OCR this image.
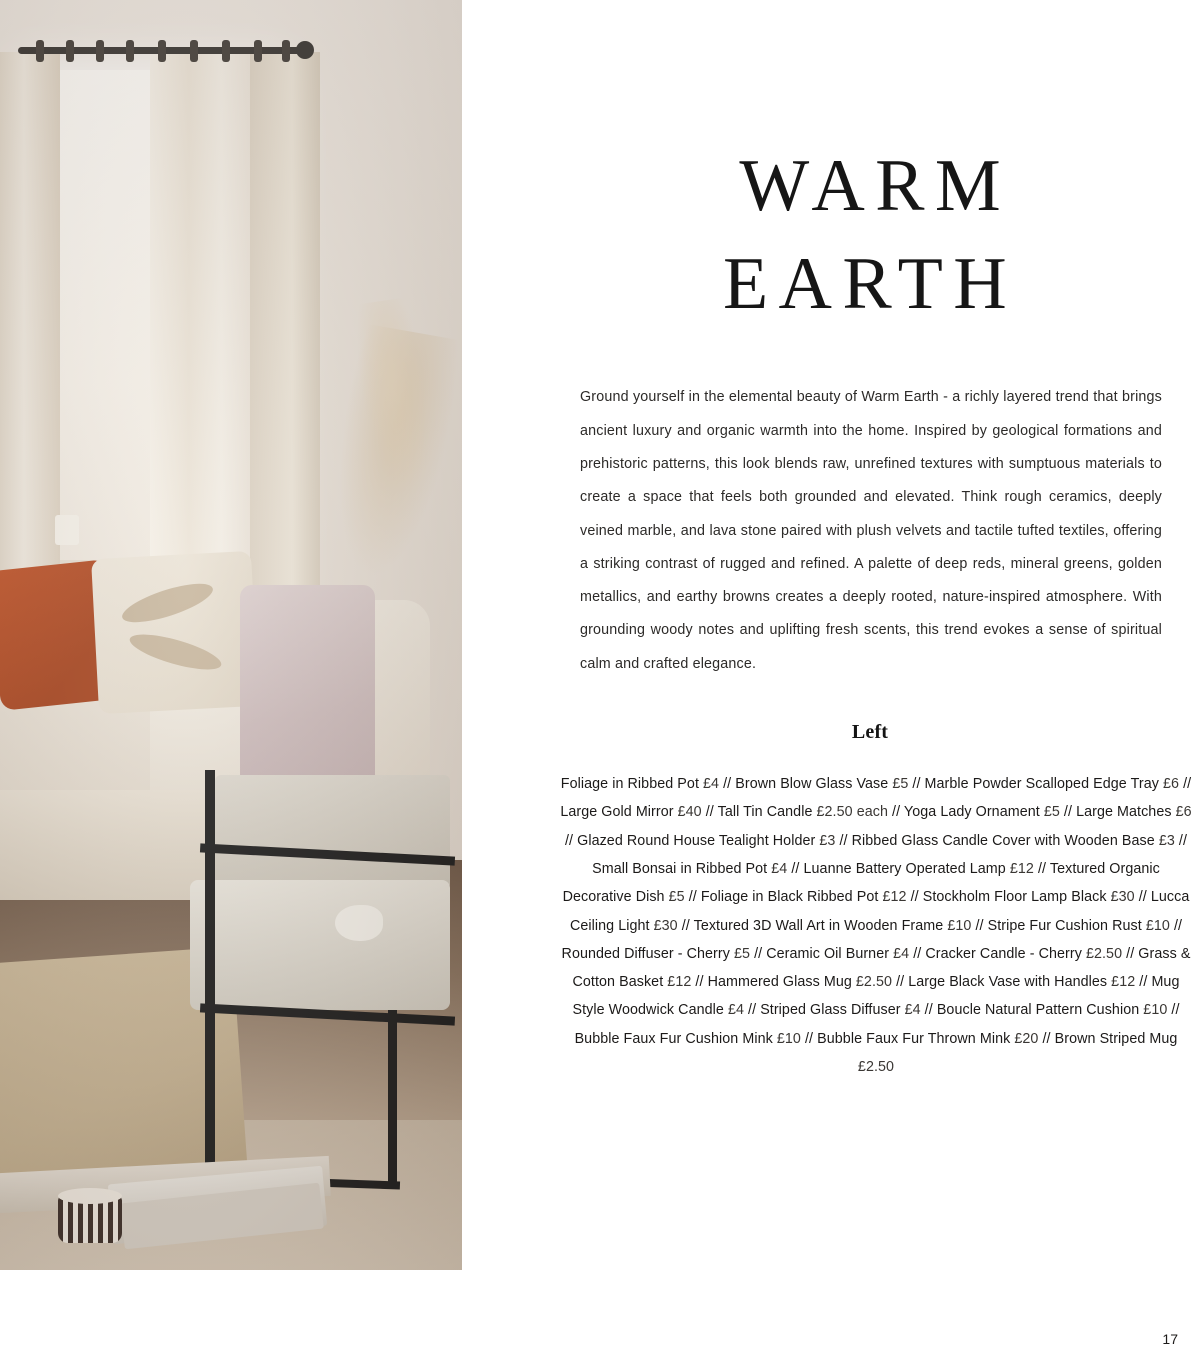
WARM
EARTH

Ground yourself in the elemental beauty of Warm Earth - a richly layered trend that brings ancient luxury and organic warmth into the home. Inspired by geological formations and prehistoric patterns, this look blends raw, unrefined textures with sumptuous materials to create a space that feels both grounded and elevated. Think rough ceramics, deeply veined marble, and lava stone paired with plush velvets and tactile tufted textiles, offering a striking contrast of rugged and refined. A palette of deep reds, mineral greens, golden metallics, and earthy browns creates a deeply rooted, nature-inspired atmosphere. With grounding woody notes and uplifting fresh scents, this trend evokes a sense of spiritual calm and crafted elegance.

Left

Foliage in Ribbed Pot £4 // Brown Blow Glass Vase £5 // Marble Powder Scalloped Edge Tray £6 // Large Gold Mirror £40 // Tall Tin Candle £2.50 each // Yoga Lady Ornament £5 // Large Matches £6 // Glazed Round House Tealight Holder £3 // Ribbed Glass Candle Cover with Wooden Base £3 // Small Bonsai in Ribbed Pot £4 // Luanne Battery Operated Lamp £12 // Textured Organic Decorative Dish £5 // Foliage in Black Ribbed Pot £12 // Stockholm Floor Lamp Black £30 // Lucca Ceiling Light £30 // Textured 3D Wall Art in Wooden Frame £10 // Stripe Fur Cushion Rust £10 // Rounded Diffuser - Cherry £5 // Ceramic Oil Burner £4 // Cracker Candle - Cherry £2.50 // Grass & Cotton Basket £12 // Hammered Glass Mug £2.50 // Large Black Vase with Handles £12 // Mug Style Woodwick Candle £4 // Striped Glass Diffuser £4 // Boucle Natural Pattern Cushion £10 // Bubble Faux Fur Cushion Mink £10 // Bubble Faux Fur Thrown Mink £20 // Brown Striped Mug £2.50

17
